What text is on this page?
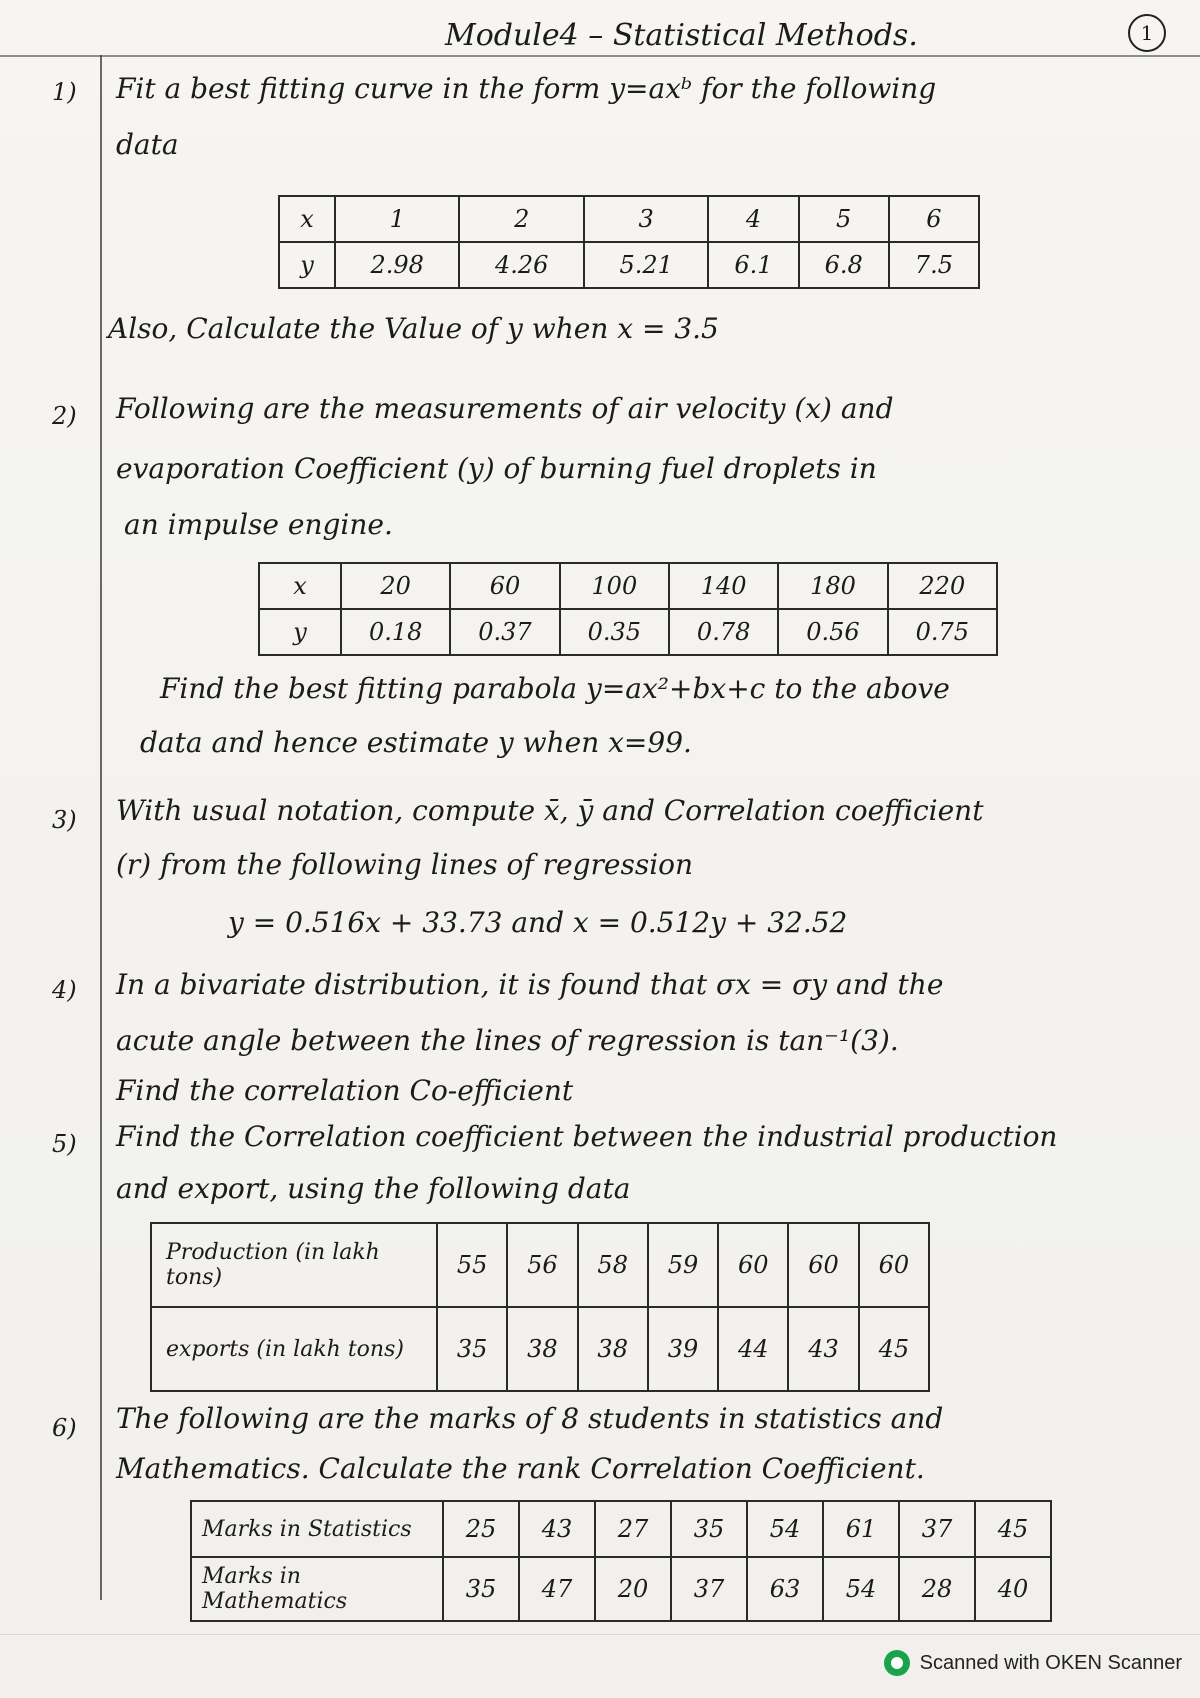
Module4 – Statistical Methods.	1
1) Fit a best fitting curve in the form y=axᵇ for the following
data
x	1	2	3	4	5	6
y	2.98	4.26	5.21	6.1	6.8	7.5
Also, Calculate the Value of y when x = 3.5
2) Following are the measurements of air velocity (x) and
evaporation Coefficient (y) of burning fuel droplets in
an impulse engine.
x	20	60	100	140	180	220
y	0.18	0.37	0.35	0.78	0.56	0.75
Find the best fitting parabola y=ax²+bx+c to the above
data and hence estimate y when x=99.
3) With usual notation, compute x̄, ȳ and Correlation coefficient
(r) from the following lines of regression
y = 0.516x + 33.73 and x = 0.512y + 32.52
4) In a bivariate distribution, it is found that σx = σy and the
acute angle between the lines of regression is tan⁻¹(3).
Find the correlation Co-efficient
5) Find the Correlation coefficient between the industrial production
and export, using the following data
Production (in lakh tons)	55	56	58	59	60	60	60
exports (in lakh tons)	35	38	38	39	44	43	45
6) The following are the marks of 8 students in statistics and
Mathematics. Calculate the rank Correlation Coefficient.
Marks in Statistics	25	43	27	35	54	61	37	45
Marks in Mathematics	35	47	20	37	63	54	28	40
Scanned with OKEN Scanner
